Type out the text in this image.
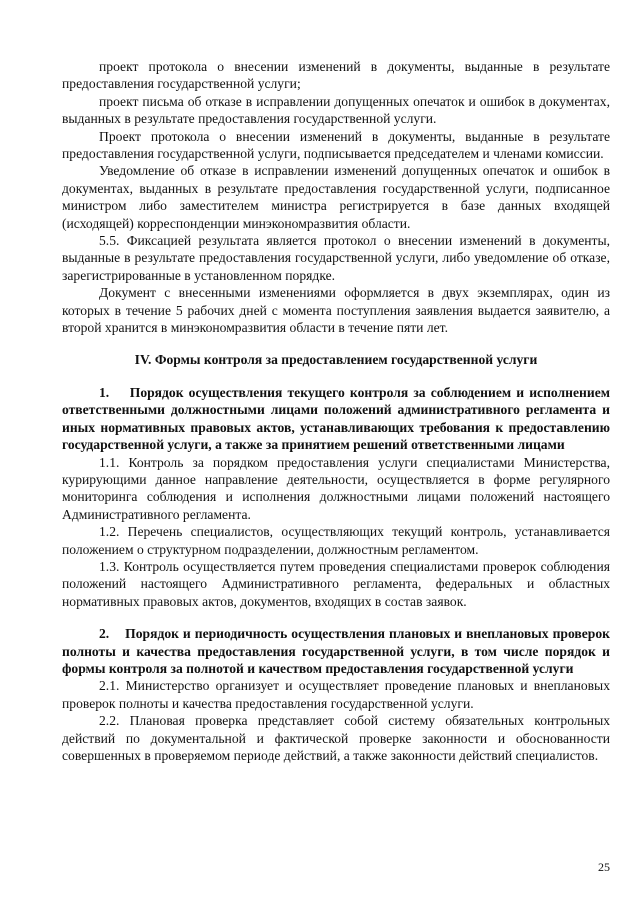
проект протокола о внесении изменений в документы, выданные в результате предоставления государственной услуги;

проект письма об отказе в исправлении допущенных опечаток и ошибок в документах, выданных в результате предоставления государственной услуги.

Проект протокола о внесении изменений в документы, выданные в результате предоставления государственной услуги, подписывается председателем и членами комиссии.

Уведомление об отказе в исправлении изменений допущенных опечаток и ошибок в документах, выданных в результате предоставления государственной услуги, подписанное министром либо заместителем министра регистрируется в базе данных входящей (исходящей) корреспонденции минэкономразвития области.

5.5. Фиксацией результата является протокол о внесении изменений в документы, выданные в результате предоставления государственной услуги, либо уведомление об отказе, зарегистрированные в установленном порядке.

Документ с внесенными изменениями оформляется в двух экземплярах, один из которых в течение 5 рабочих дней с момента поступления заявления выдается заявителю, а второй хранится в минэкономразвития области в течение пяти лет.

IV. Формы контроля за предоставлением государственной услуги

1.    Порядок осуществления текущего контроля за соблюдением и исполнением ответственными должностными лицами положений административного регламента и иных нормативных правовых актов, устанавливающих требования к предоставлению государственной услуги, а также за принятием решений ответственными лицами

1.1. Контроль за порядком предоставления услуги специалистами Министерства, курирующими данное направление деятельности, осуществляется в форме регулярного мониторинга соблюдения и исполнения должностными лицами положений настоящего Административного регламента.

1.2. Перечень специалистов, осуществляющих текущий контроль, устанавливается положением о структурном подразделении, должностным регламентом.

1.3. Контроль осуществляется путем проведения специалистами проверок соблюдения положений настоящего Административного регламента, федеральных и областных нормативных правовых актов, документов, входящих в состав заявок.

2.    Порядок и периодичность осуществления плановых и внеплановых проверок полноты и качества предоставления государственной услуги, в том числе порядок и формы контроля за полнотой и качеством предоставления государственной услуги

2.1. Министерство организует и осуществляет проведение плановых и внеплановых проверок полноты и качества предоставления государственной услуги.

2.2. Плановая проверка представляет собой систему обязательных контрольных действий по документальной и фактической проверке законности и обоснованности совершенных в проверяемом периоде действий, а также законности действий специалистов.

25
